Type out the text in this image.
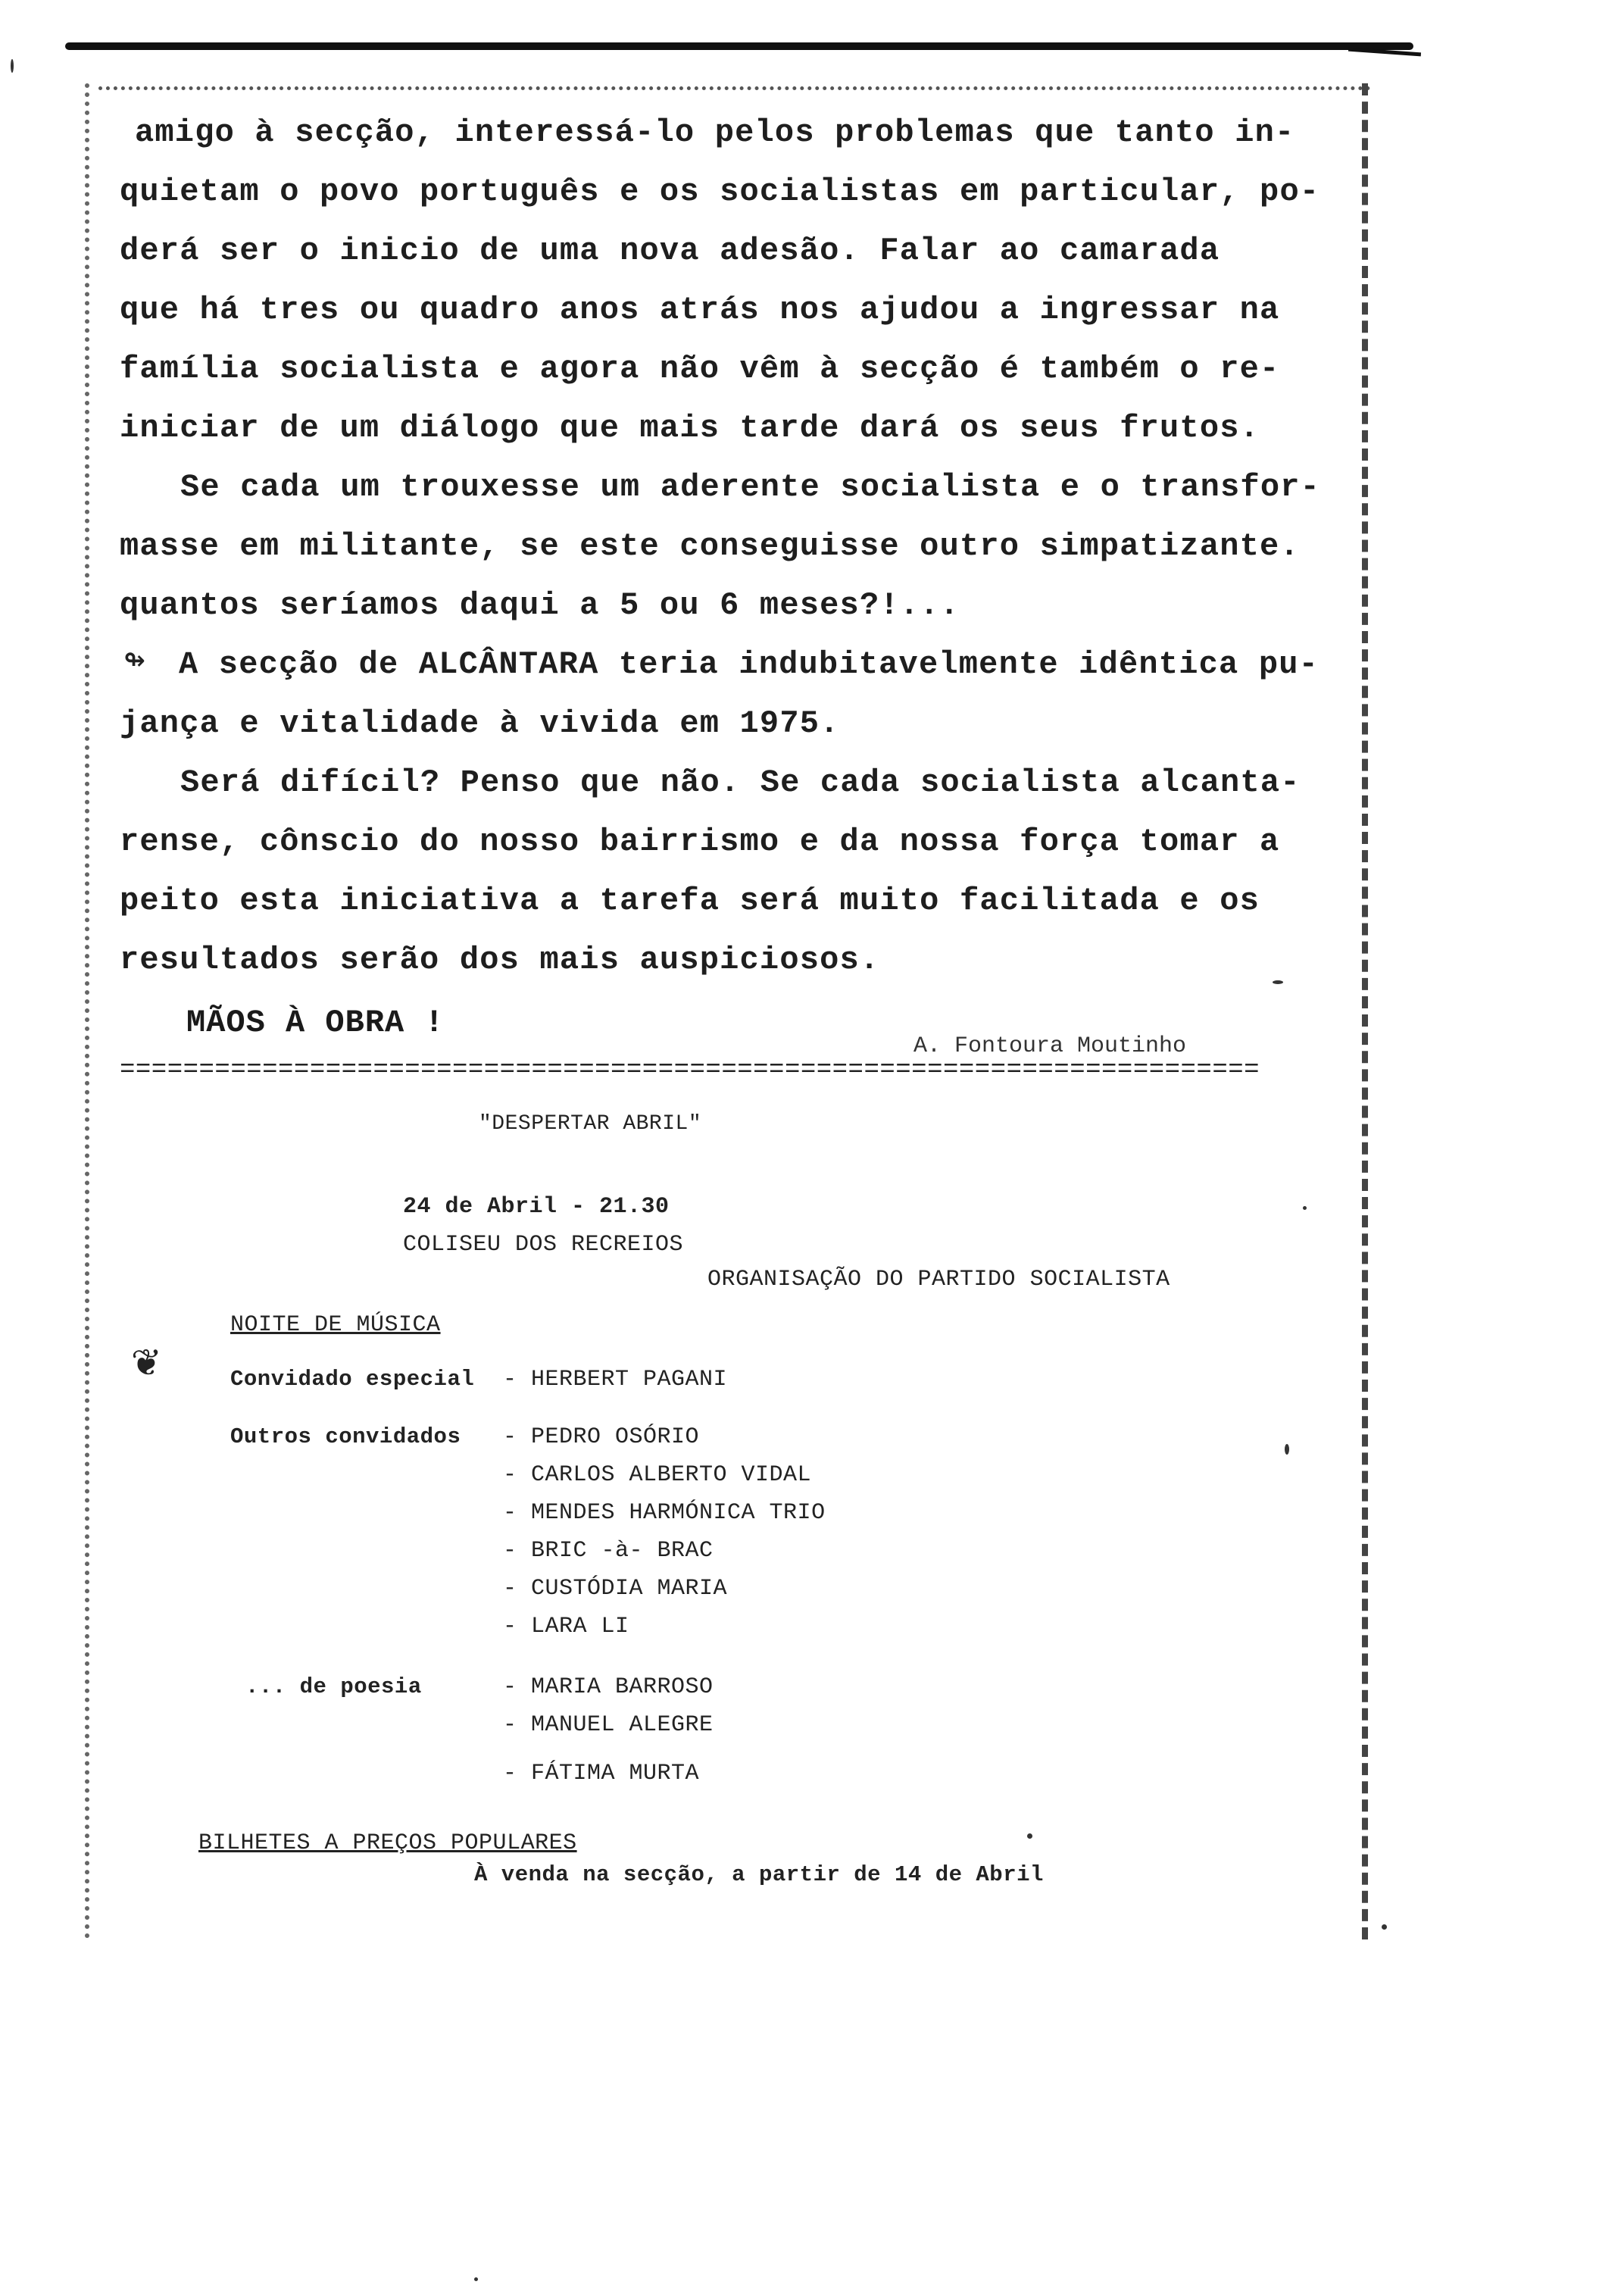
amigo à secção, interessá-lo pelos problemas que tanto in-

quietam o povo português e os socialistas em particular, po-

derá ser o inicio de uma nova adesão. Falar ao camarada

que há tres ou quadro anos atrás nos ajudou a ingressar na

família socialista e agora não vêm à secção é também o re-

iniciar de um diálogo que mais tarde dará os seus frutos.

Se cada um trouxesse um aderente socialista e o transfor-

masse em militante, se este conseguisse outro simpatizante.

quantos seríamos daqui a 5 ou 6 meses?!...

↬ A secção de ALCÂNTARA teria indubitavelmente idêntica pu-

jança e vitalidade à vivida em 1975.

Será difícil? Penso que não. Se cada socialista alcanta-

rense, cônscio do nosso bairrismo e da nossa força tomar a

peito esta iniciativa a tarefa será muito facilitada e os

resultados serão dos mais auspiciosos.

MÃOS À OBRA !

A. Fontoura Moutinho

========================================================================

"DESPERTAR ABRIL"

24 de Abril - 21.30

COLISEU DOS RECREIOS

ORGANISAÇÃO DO PARTIDO SOCIALISTA

NOITE DE MÚSICA

❦	Convidado especial - HERBERT PAGANI

Outros convidados - PEDRO OSÓRIO

- CARLOS ALBERTO VIDAL

- MENDES HARMÓNICA TRIO

- BRIC -à- BRAC

- CUSTÓDIA MARIA

- LARA LI

... de poesia	- MARIA BARROSO

- MANUEL ALEGRE

- FÁTIMA MURTA

BILHETES A PREÇOS POPULARES

À venda na secção, a partir de 14 de Abril
